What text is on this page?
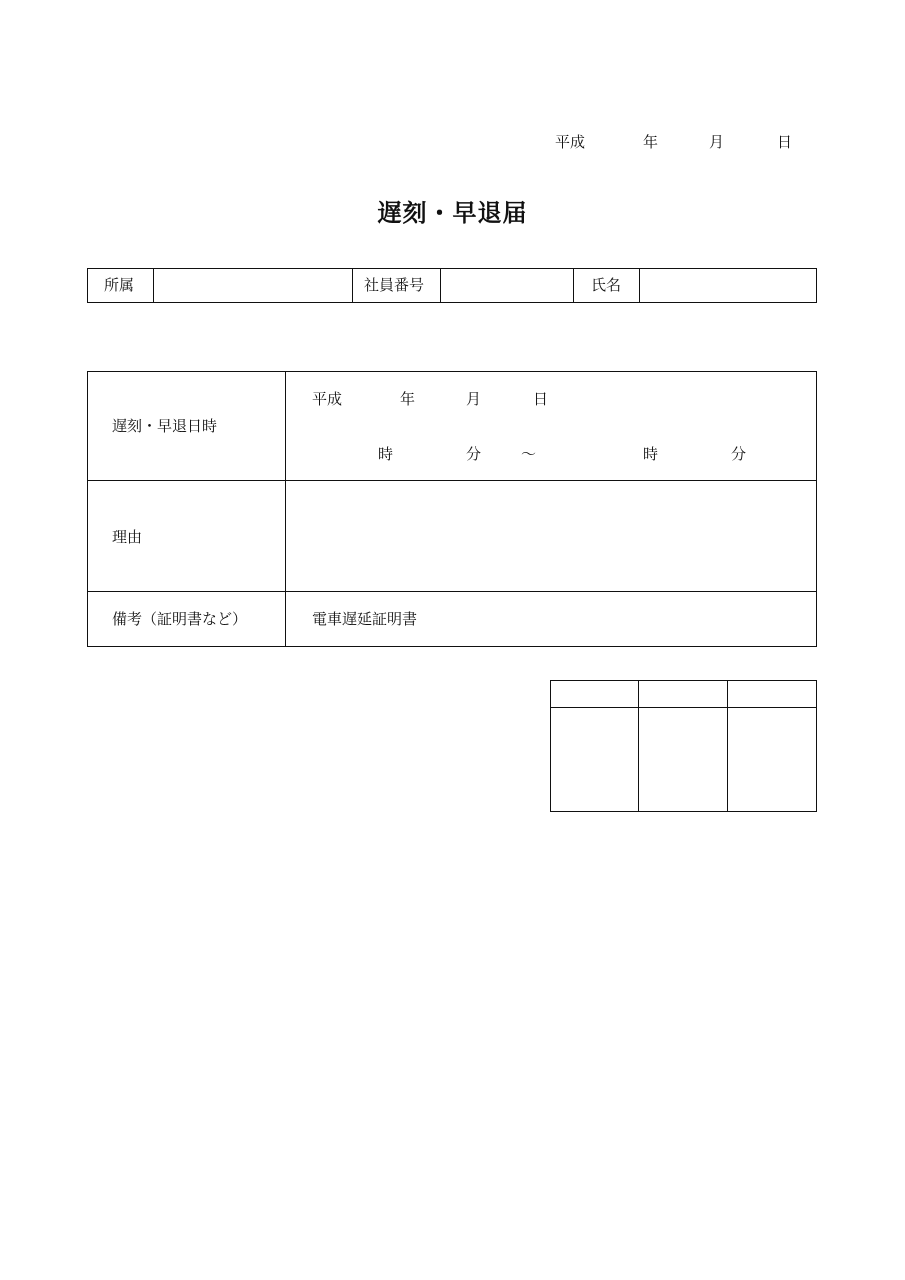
平成	年	月	日
遅刻・早退届
所属	社員番号	氏名
遅刻・早退日時
平成	年	月	日
時	分	〜	時	分
理由
備考（証明書など）	電車遅延証明書
